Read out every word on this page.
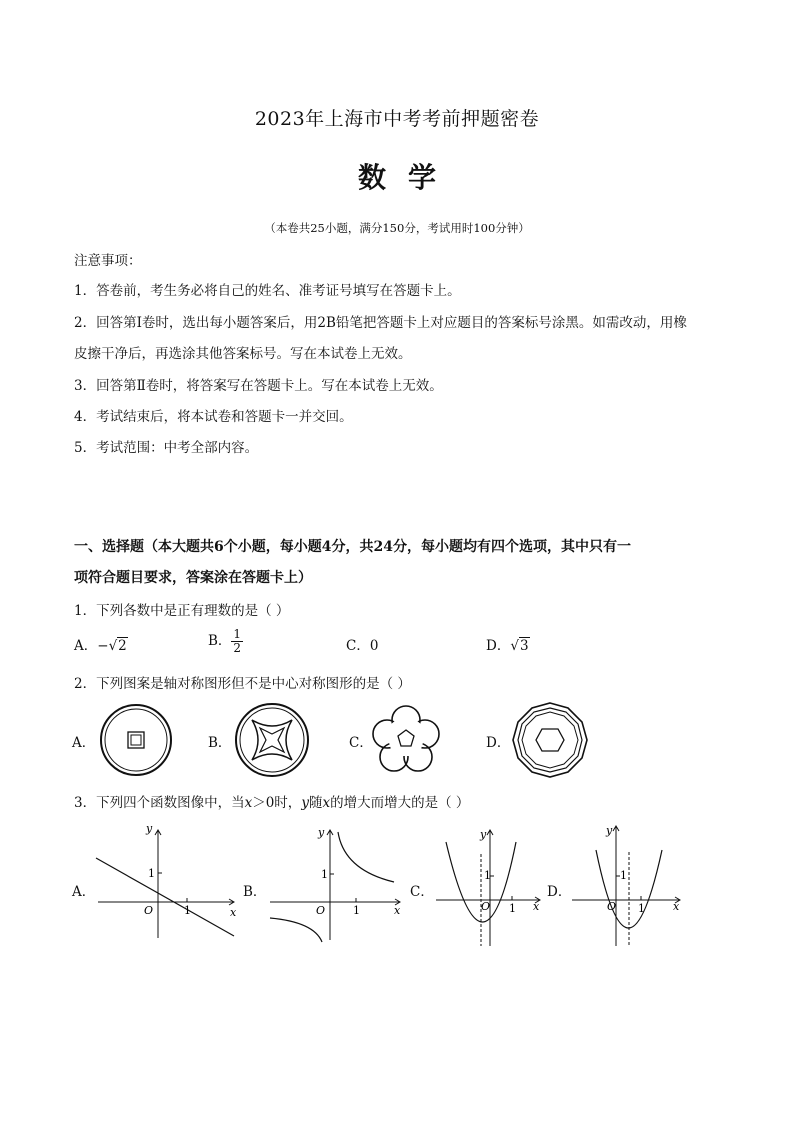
2023年上海市中考考前押题密卷
数学
（本卷共25小题，满分150分，考试用时100分钟）
注意事项：
1．答卷前，考生务必将自己的姓名、准考证号填写在答题卡上。
2．回答第Ⅰ卷时，选出每小题答案后，用2B铅笔把答题卡上对应题目的答案标号涂黑。如需改动，用橡
皮擦干净后，再选涂其他答案标号。写在本试卷上无效。
3．回答第Ⅱ卷时，将答案写在答题卡上。写在本试卷上无效。
4．考试结束后，将本试卷和答题卡一并交回。
5．考试范围：中考全部内容。
一、选择题（本大题共6个小题，每小题4分，共24分，每小题均有四个选项，其中只有一
项符合题目要求，答案涂在答题卡上）
1．下列各数中是正有理数的是（ ）
A．−√2	B． $\frac{1}{2}$	C．0	D．√3
2．下列图案是轴对称图形但不是中心对称图形的是（ ）
A．	B．	C．	D．
3．下列四个函数图像中，当x＞0时，y随x的增大而增大的是（ ）
A．
y
x
O
1
1
B．
y
x
O
1
1
C．
y
x
O
1
1
D．
y
x
O
1
1
